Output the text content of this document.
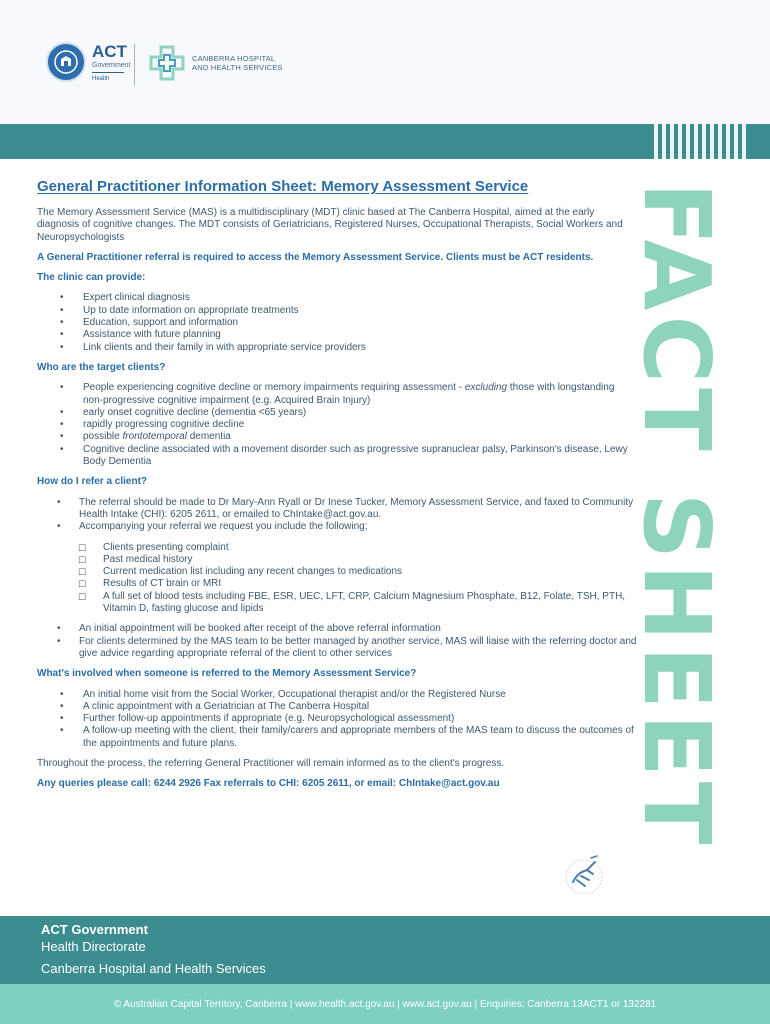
ACT
Government
Health
CANBERRA HOSPITAL
AND HEALTH SERVICES
FACT SHEET
General Practitioner Information Sheet: Memory Assessment Service

The Memory Assessment Service (MAS) is a multidisciplinary (MDT) clinic based at The Canberra Hospital, aimed at the early diagnosis of cognitive changes. The MDT consists of Geriatricians, Registered Nurses, Occupational Therapists, Social Workers and Neuropsychologists

A General Practitioner referral is required to access the Memory Assessment Service. Clients must be ACT residents.

The clinic can provide:

• Expert clinical diagnosis
• Up to date information on appropriate treatments
• Education, support and information
• Assistance with future planning
• Link clients and their family in with appropriate service providers

Who are the target clients?

• People experiencing cognitive decline or memory impairments requiring assessment - excluding those with longstanding non-progressive cognitive impairment (e.g. Acquired Brain Injury)
• early onset cognitive decline (dementia <65 years)
• rapidly progressing cognitive decline
• possible frontotemporal dementia
• Cognitive decline associated with a movement disorder such as progressive supranuclear palsy, Parkinson's disease, Lewy Body Dementia

How do I refer a client?

• The referral should be made to Dr Mary-Ann Ryall or Dr Inese Tucker, Memory Assessment Service, and faxed to Community Health Intake (CHI): 6205 2611, or emailed to ChIntake@act.gov.au.
• Accompanying your referral we request you include the following;
☐ Clients presenting complaint
☐ Past medical history
☐ Current medication list including any recent changes to medications
☐ Results of CT brain or MRI
☐ A full set of blood tests including FBE, ESR, UEC, LFT, CRP, Calcium Magnesium Phosphate, B12, Folate, TSH, PTH, Vitamin D, fasting glucose and lipids
• An initial appointment will be booked after receipt of the above referral information
• For clients determined by the MAS team to be better managed by another service, MAS will liaise with the referring doctor and give advice regarding appropriate referral of the client to other services

What's involved when someone is referred to the Memory Assessment Service?

• An initial home visit from the Social Worker, Occupational therapist and/or the Registered Nurse
• A clinic appointment with a Geriatrician at The Canberra Hospital
• Further follow-up appointments if appropriate (e.g. Neuropsychological assessment)
• A follow-up meeting with the client, their family/carers and appropriate members of the MAS team to discuss the outcomes of the appointments and future plans.

Throughout the process, the referring General Practitioner will remain informed as to the client's progress.

Any queries please call: 6244 2926 Fax referrals to CHI: 6205 2611, or email: ChIntake@act.gov.au

ACT Government
Health Directorate
Canberra Hospital and Health Services
© Australian Capital Territory, Canberra | www.health.act.gov.au | www.act.gov.au | Enquiries: Canberra 13ACT1 or 132281
